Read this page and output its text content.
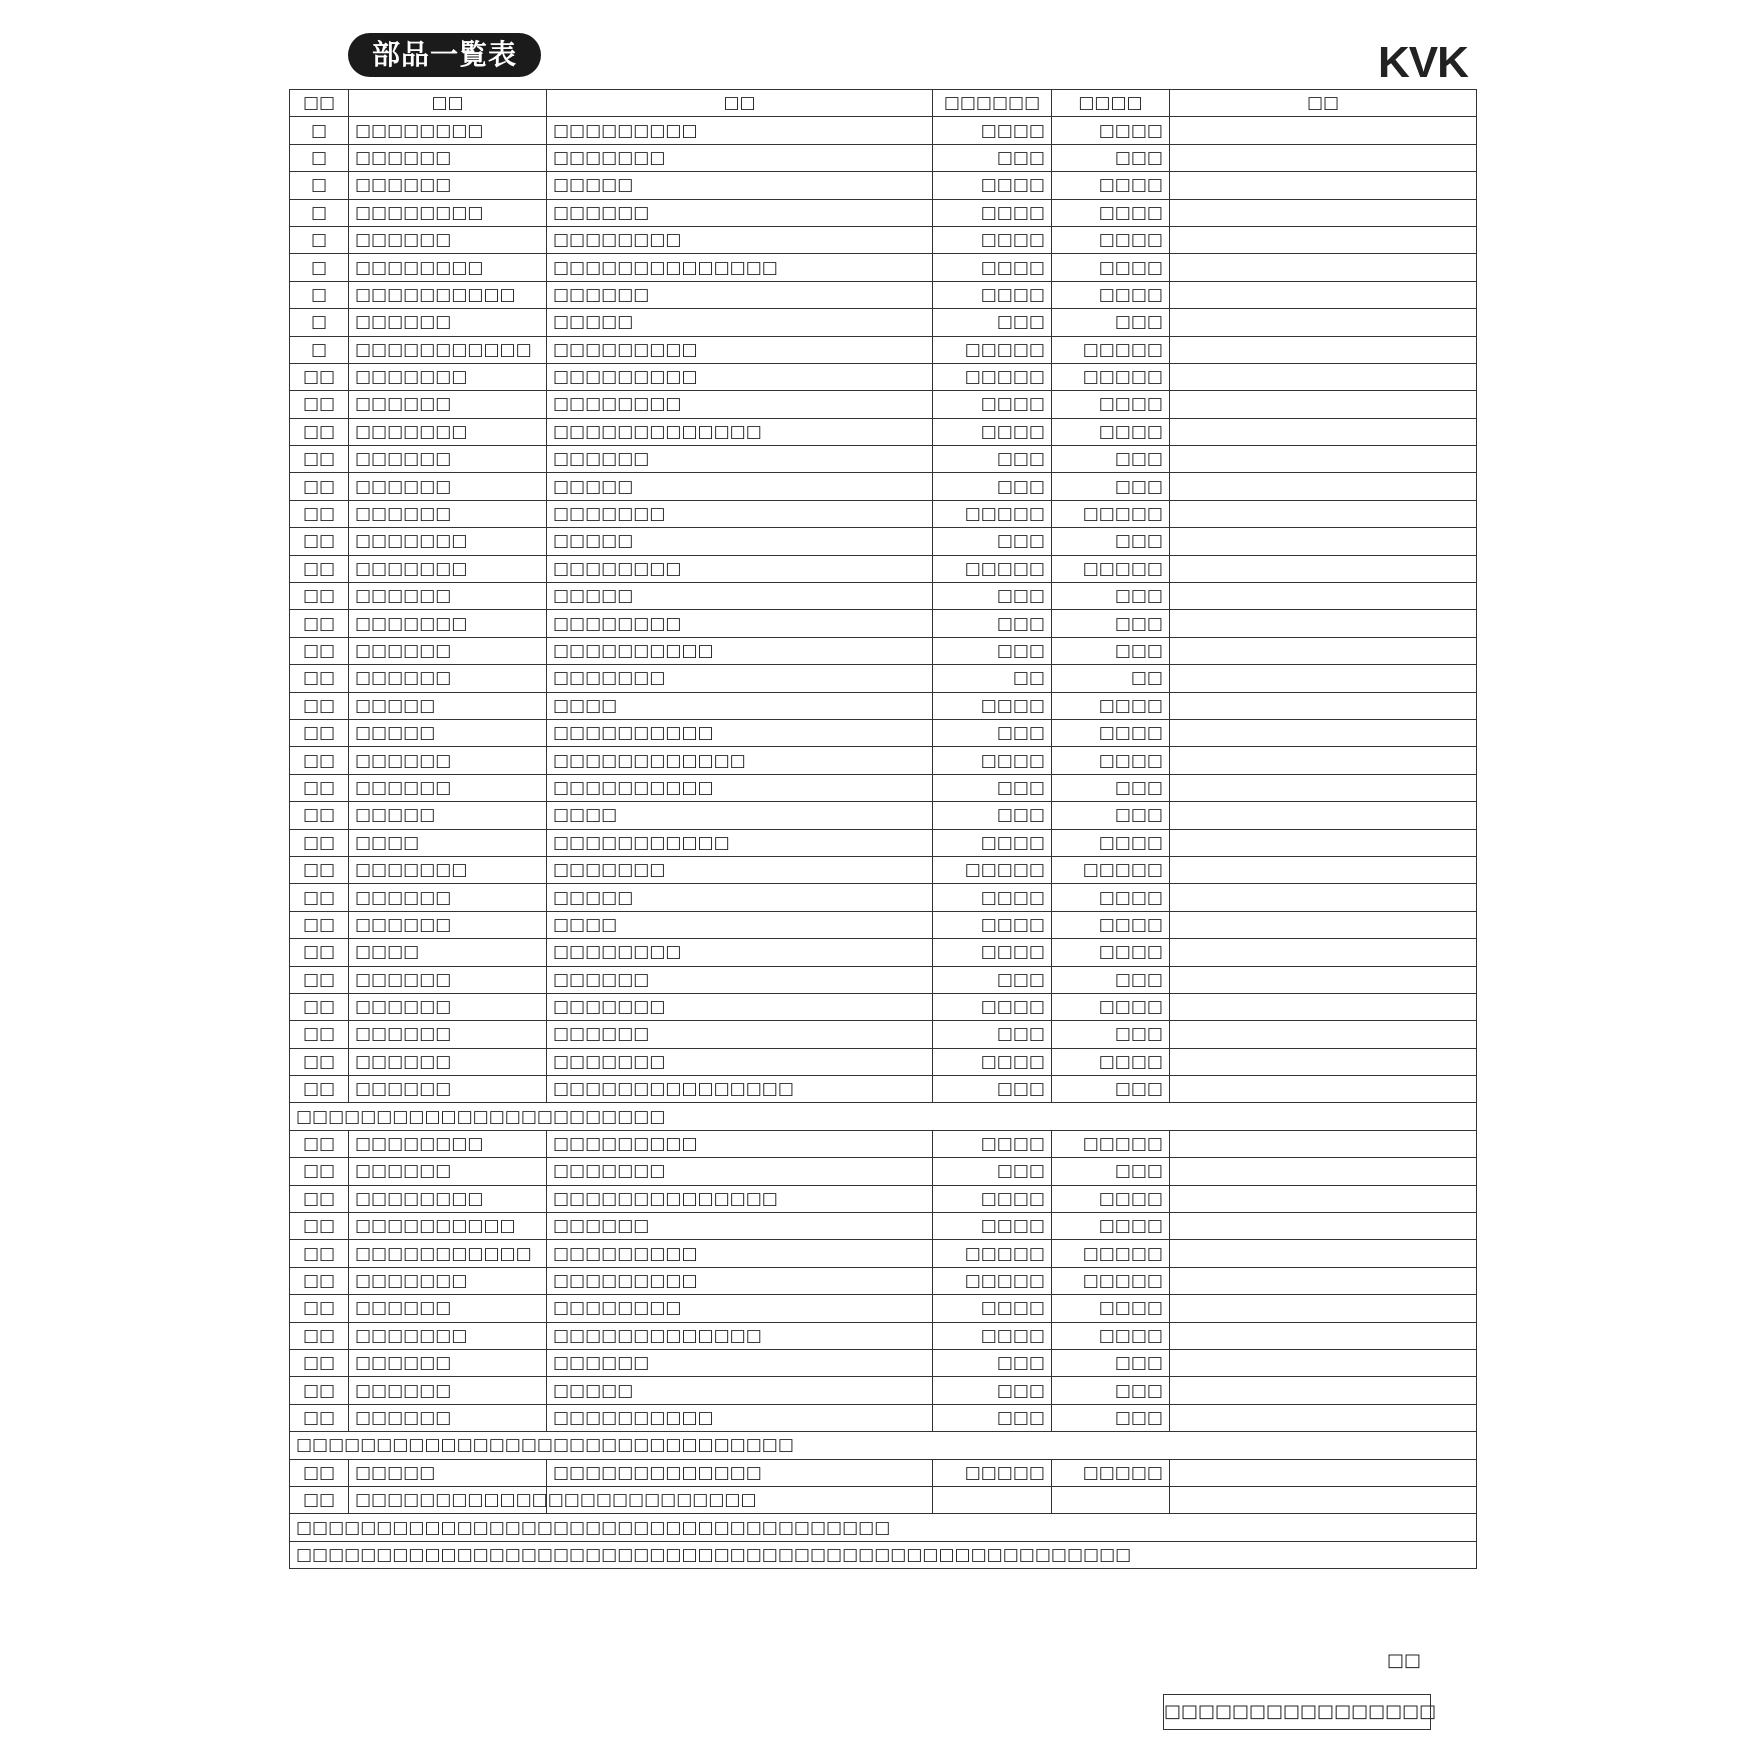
部品一覧表	KVK
□□	□□	□□	□□□□□□	□□□□	□□
□	□□□□□□□□	□□□□□□□□□	□□□□	□□□□	
□	□□□□□□	□□□□□□□	□□□	□□□	
□	□□□□□□	□□□□□	□□□□	□□□□	
□	□□□□□□□□	□□□□□□	□□□□	□□□□	
□	□□□□□□	□□□□□□□□	□□□□	□□□□	
□	□□□□□□□□	□□□□□□□□□□□□□□	□□□□	□□□□	
□	□□□□□□□□□□	□□□□□□	□□□□	□□□□	
□	□□□□□□	□□□□□	□□□	□□□	
□	□□□□□□□□□□□	□□□□□□□□□	□□□□□	□□□□□	
□□	□□□□□□□	□□□□□□□□□	□□□□□	□□□□□	
□□	□□□□□□	□□□□□□□□	□□□□	□□□□	
□□	□□□□□□□	□□□□□□□□□□□□□	□□□□	□□□□	
□□	□□□□□□	□□□□□□	□□□	□□□	
□□	□□□□□□	□□□□□	□□□	□□□	
□□	□□□□□□	□□□□□□□	□□□□□	□□□□□	
□□	□□□□□□□	□□□□□	□□□	□□□	
□□	□□□□□□□	□□□□□□□□	□□□□□	□□□□□	
□□	□□□□□□	□□□□□	□□□	□□□	
□□	□□□□□□□	□□□□□□□□	□□□	□□□	
□□	□□□□□□	□□□□□□□□□□	□□□	□□□	
□□	□□□□□□	□□□□□□□	□□	□□	
□□	□□□□□	□□□□	□□□□	□□□□	
□□	□□□□□	□□□□□□□□□□	□□□	□□□□	
□□	□□□□□□	□□□□□□□□□□□□	□□□□	□□□□	
□□	□□□□□□	□□□□□□□□□□	□□□	□□□	
□□	□□□□□	□□□□	□□□	□□□	
□□	□□□□	□□□□□□□□□□□	□□□□	□□□□	
□□	□□□□□□□	□□□□□□□	□□□□□	□□□□□	
□□	□□□□□□	□□□□□	□□□□	□□□□	
□□	□□□□□□	□□□□	□□□□	□□□□	
□□	□□□□	□□□□□□□□	□□□□	□□□□	
□□	□□□□□□	□□□□□□	□□□	□□□	
□□	□□□□□□	□□□□□□□	□□□□	□□□□	
□□	□□□□□□	□□□□□□	□□□	□□□	
□□	□□□□□□	□□□□□□□	□□□□	□□□□	
□□	□□□□□□	□□□□□□□□□□□□□□□	□□□	□□□	
□□□□□□□□□□□□□□□□□□□□□□□					
□□	□□□□□□□□	□□□□□□□□□	□□□□	□□□□□	
□□	□□□□□□	□□□□□□□	□□□	□□□	
□□	□□□□□□□□	□□□□□□□□□□□□□□	□□□□	□□□□	
□□	□□□□□□□□□□	□□□□□□	□□□□	□□□□	
□□	□□□□□□□□□□□	□□□□□□□□□	□□□□□	□□□□□	
□□	□□□□□□□	□□□□□□□□□	□□□□□	□□□□□	
□□	□□□□□□	□□□□□□□□	□□□□	□□□□	
□□	□□□□□□□	□□□□□□□□□□□□□	□□□□	□□□□	
□□	□□□□□□	□□□□□□	□□□	□□□	
□□	□□□□□□	□□□□□	□□□	□□□	
□□	□□□□□□	□□□□□□□□□□	□□□	□□□	
□□□□□□□□□□□□□□□□□□□□□□□□□□□□□□□					
□□	□□□□□	□□□□□□□□□□□□□	□□□□□	□□□□□	
□□	□□□□□□□□□□□□□□□□□□□□□□□□□				
□□□□□□□□□□□□□□□□□□□□□□□□□□□□□□□□□□□□□					
□□□□□□□□□□□□□□□□□□□□□□□□□□□□□□□□□□□□□□□□□□□□□□□□□□□□					
□□
□□□□□□□□□□□□□□□□
